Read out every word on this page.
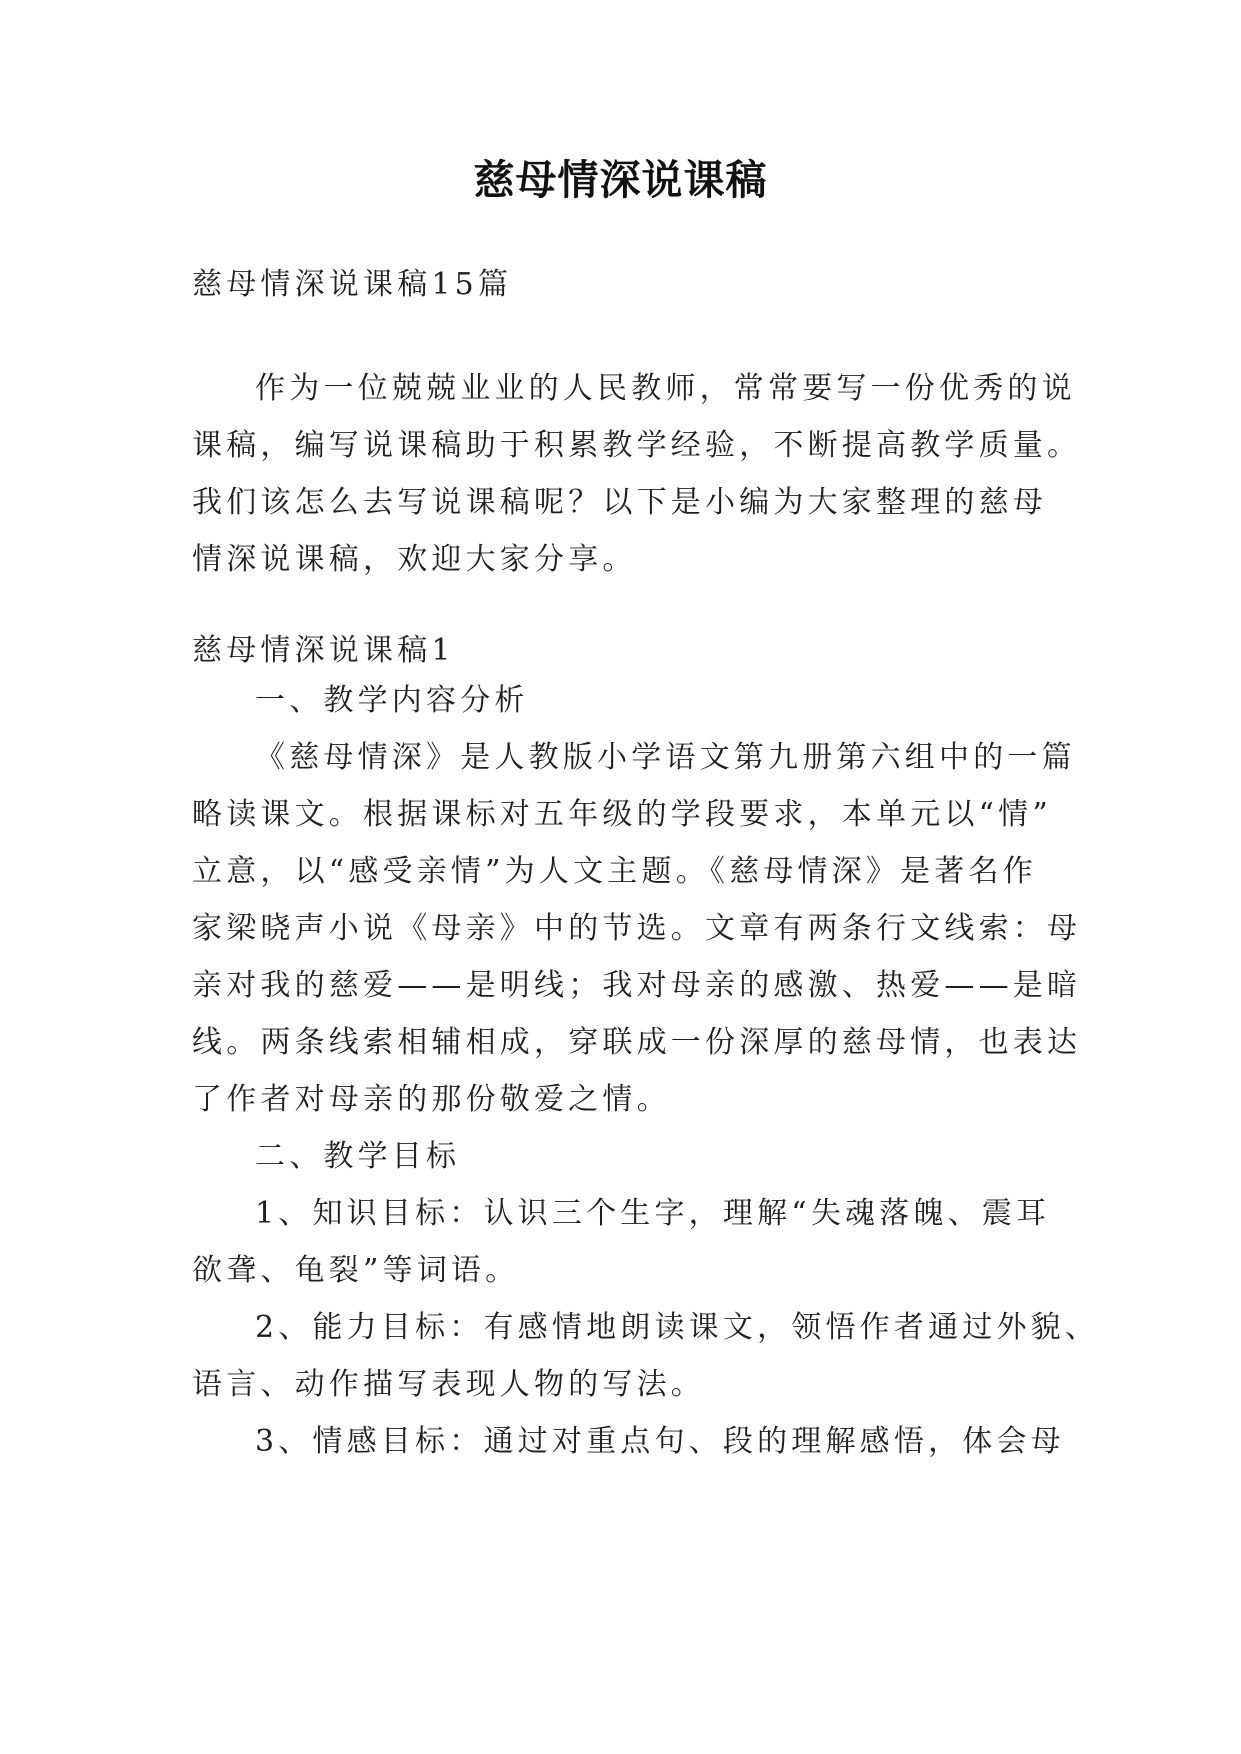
慈母情深说课稿
慈母情深说课稿15篇
作为一位兢兢业业的人民教师，常常要写一份优秀的说
课稿，编写说课稿助于积累教学经验，不断提高教学质量。
我们该怎么去写说课稿呢？以下是小编为大家整理的慈母
情深说课稿，欢迎大家分享。
慈母情深说课稿1
一、教学内容分析
《慈母情深》是人教版小学语文第九册第六组中的一篇
略读课文。根据课标对五年级的学段要求，本单元以“情”
立意，以“感受亲情”为人文主题。《慈母情深》是著名作
家梁晓声小说《母亲》中的节选。文章有两条行文线索：母
亲对我的慈爱——是明线；我对母亲的感激、热爱——是暗
线。两条线索相辅相成，穿联成一份深厚的慈母情，也表达
了作者对母亲的那份敬爱之情。
二、教学目标
1、知识目标：认识三个生字，理解“失魂落魄、震耳
欲聋、龟裂”等词语。
2、能力目标：有感情地朗读课文，领悟作者通过外貌、
语言、动作描写表现人物的写法。
3、情感目标：通过对重点句、段的理解感悟，体会母
